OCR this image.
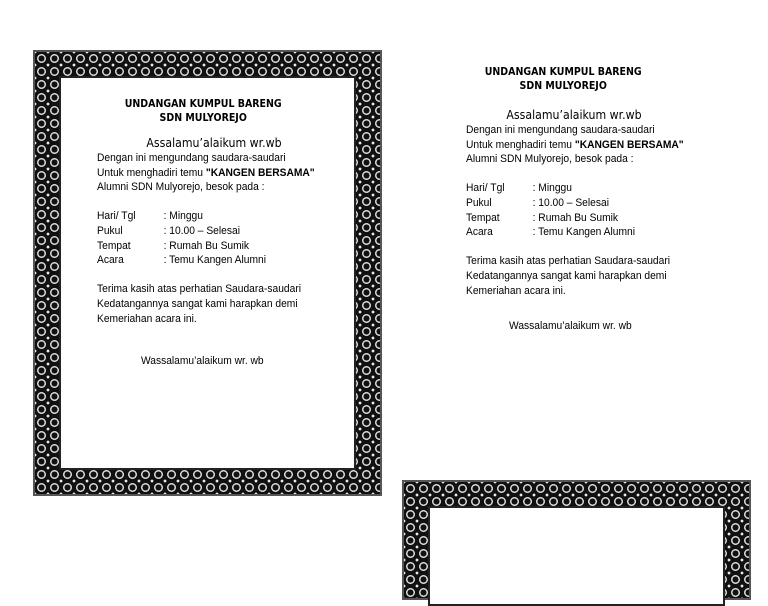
UNDANGAN KUMPUL BARENG
SDN MULYOREJO
Assalamu’alaikum wr.wb
Dengan ini mengundang saudara-saudari
Untuk menghadiri temu "KANGEN BERSAMA"
Alumni SDN Mulyorejo, besok pada :
Hari/ Tgl	: Minggu
Pukul	: 10.00 – Selesai
Tempat	: Rumah Bu Sumik
Acara	: Temu Kangen Alumni
Terima kasih atas perhatian Saudara-saudari
Kedatangannya sangat kami harapkan demi
Kemeriahan acara ini.
Wassalamu’alaikum wr. wb
UNDANGAN KUMPUL BARENG
SDN MULYOREJO
Assalamu’alaikum wr.wb
Dengan ini mengundang saudara-saudari
Untuk menghadiri temu "KANGEN BERSAMA"
Alumni SDN Mulyorejo, besok pada :
Hari/ Tgl	: Minggu
Pukul	: 10.00 – Selesai
Tempat	: Rumah Bu Sumik
Acara	: Temu Kangen Alumni
Terima kasih atas perhatian Saudara-saudari
Kedatangannya sangat kami harapkan demi
Kemeriahan acara ini.
Wassalamu’alaikum wr. wb
